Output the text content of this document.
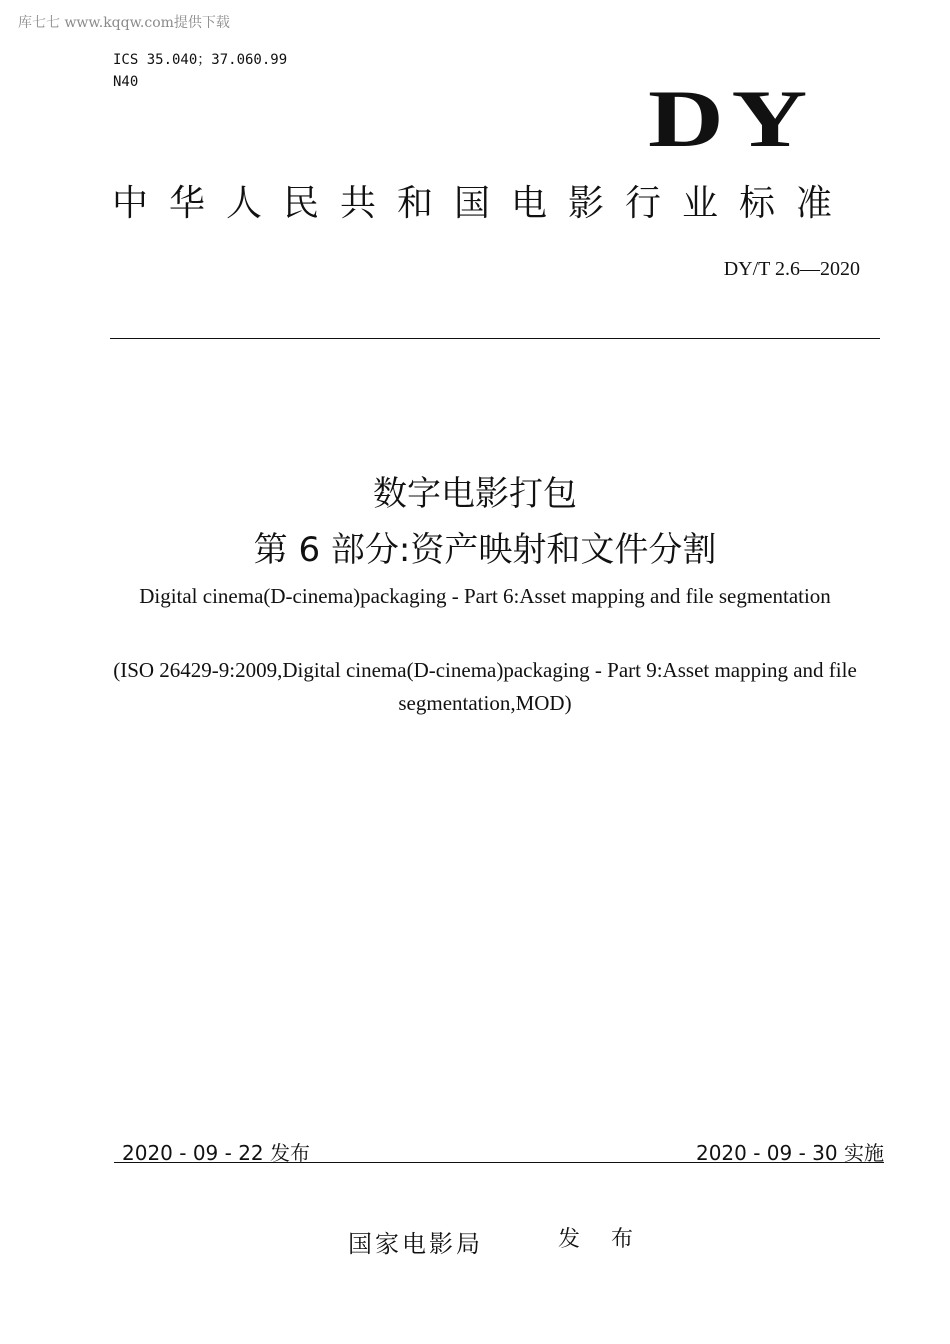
库七七 www.kqqw.com提供下载
ICS 35.040；37.060.99
N40	DY
中华人民共和国电影行业标准
DY/T 2.6—2020
数字电影打包
第 6 部分:资产映射和文件分割
Digital cinema(D-cinema)packaging - Part 6:Asset mapping and file segmentation
(ISO 26429-9:2009,Digital cinema(D-cinema)packaging - Part 9:Asset mapping and file segmentation,MOD)
2020 - 09 - 22 发布	2020 - 09 - 30 实施
国家电影局	发 布
